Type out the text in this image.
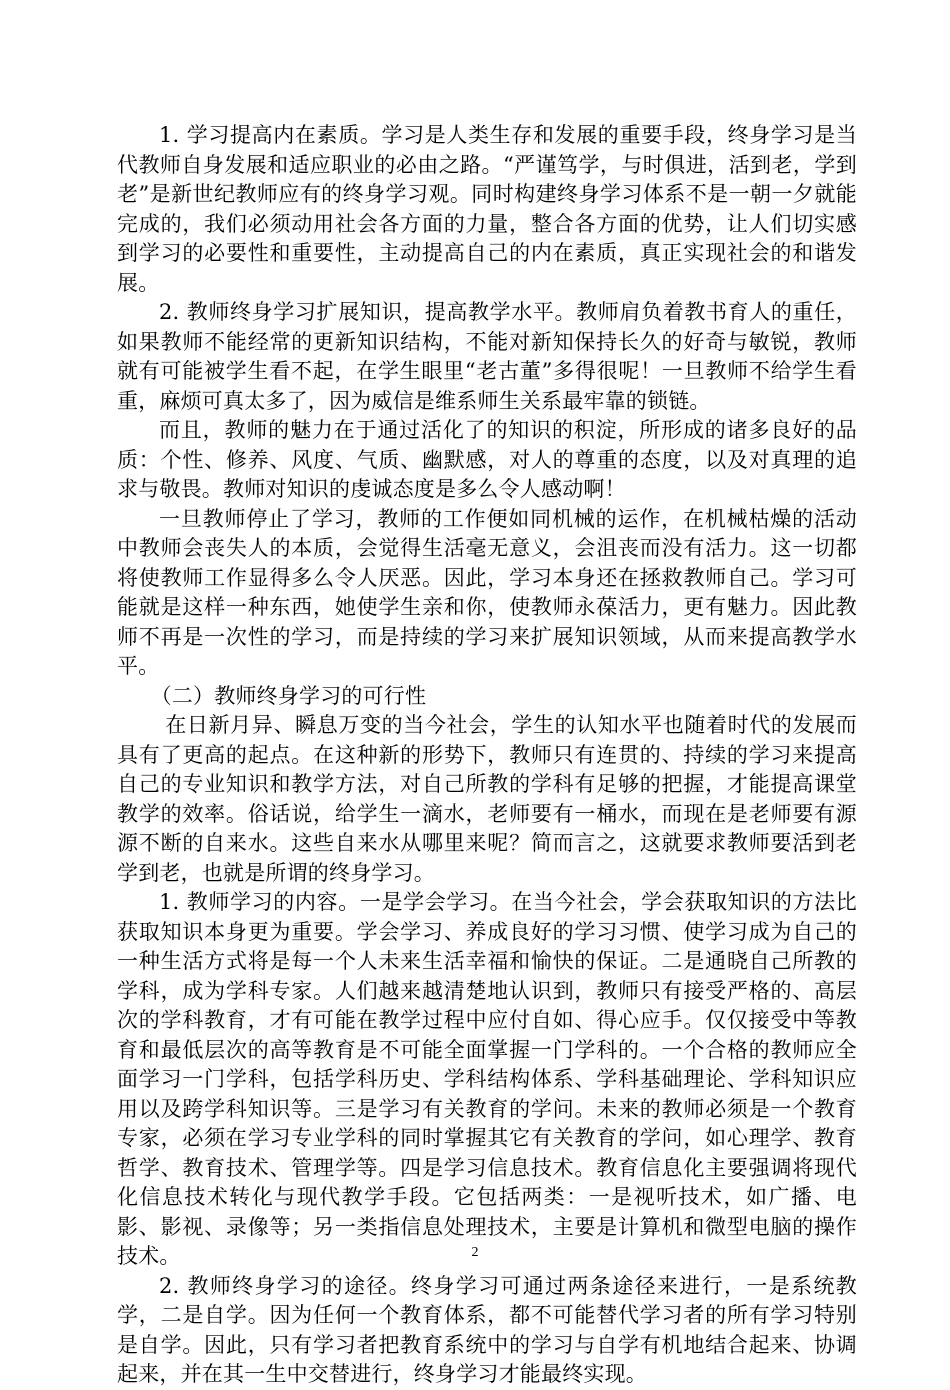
1. 学习提高内在素质。学习是人类生存和发展的重要手段，终身学习是当代教师自身发展和适应职业的必由之路。“严谨笃学，与时俱进，活到老，学到老”是新世纪教师应有的终身学习观。同时构建终身学习体系不是一朝一夕就能完成的，我们必须动用社会各方面的力量，整合各方面的优势，让人们切实感到学习的必要性和重要性，主动提高自己的内在素质，真正实现社会的和谐发展。

2. 教师终身学习扩展知识，提高教学水平。教师肩负着教书育人的重任，如果教师不能经常的更新知识结构，不能对新知保持长久的好奇与敏锐，教师就有可能被学生看不起，在学生眼里“老古董”多得很呢！一旦教师不给学生看重，麻烦可真太多了，因为威信是维系师生关系最牢靠的锁链。

而且，教师的魅力在于通过活化了的知识的积淀，所形成的诸多良好的品质：个性、修养、风度、气质、幽默感，对人的尊重的态度，以及对真理的追求与敬畏。教师对知识的虔诚态度是多么令人感动啊！

一旦教师停止了学习，教师的工作便如同机械的运作，在机械枯燥的活动中教师会丧失人的本质，会觉得生活毫无意义，会沮丧而没有活力。这一切都将使教师工作显得多么令人厌恶。因此，学习本身还在拯救教师自己。学习可能就是这样一种东西，她使学生亲和你，使教师永葆活力，更有魅力。因此教师不再是一次性的学习，而是持续的学习来扩展知识领域，从而来提高教学水平。

（二）教师终身学习的可行性

在日新月异、瞬息万变的当今社会，学生的认知水平也随着时代的发展而具有了更高的起点。在这种新的形势下，教师只有连贯的、持续的学习来提高自己的专业知识和教学方法，对自己所教的学科有足够的把握，才能提高课堂教学的效率。俗话说，给学生一滴水，老师要有一桶水，而现在是老师要有源源不断的自来水。这些自来水从哪里来呢？简而言之，这就要求教师要活到老学到老，也就是所谓的终身学习。

1. 教师学习的内容。一是学会学习。在当今社会，学会获取知识的方法比获取知识本身更为重要。学会学习、养成良好的学习习惯、使学习成为自己的一种生活方式将是每一个人未来生活幸福和愉快的保证。二是通晓自己所教的学科，成为学科专家。人们越来越清楚地认识到，教师只有接受严格的、高层次的学科教育，才有可能在教学过程中应付自如、得心应手。仅仅接受中等教育和最低层次的高等教育是不可能全面掌握一门学科的。一个合格的教师应全面学习一门学科，包括学科历史、学科结构体系、学科基础理论、学科知识应用以及跨学科知识等。三是学习有关教育的学问。未来的教师必须是一个教育专家，必须在学习专业学科的同时掌握其它有关教育的学问，如心理学、教育哲学、教育技术、管理学等。四是学习信息技术。教育信息化主要强调将现代化信息技术转化与现代教学手段。它包括两类：一是视听技术，如广播、电影、影视、录像等；另一类指信息处理技术，主要是计算机和微型电脑的操作技术。

2. 教师终身学习的途径。终身学习可通过两条途径来进行，一是系统教学，二是自学。因为任何一个教育体系，都不可能替代学习者的所有学习特别是自学。因此，只有学习者把教育系统中的学习与自学有机地结合起来、协调起来，并在其一生中交替进行，终身学习才能最终实现。

2
